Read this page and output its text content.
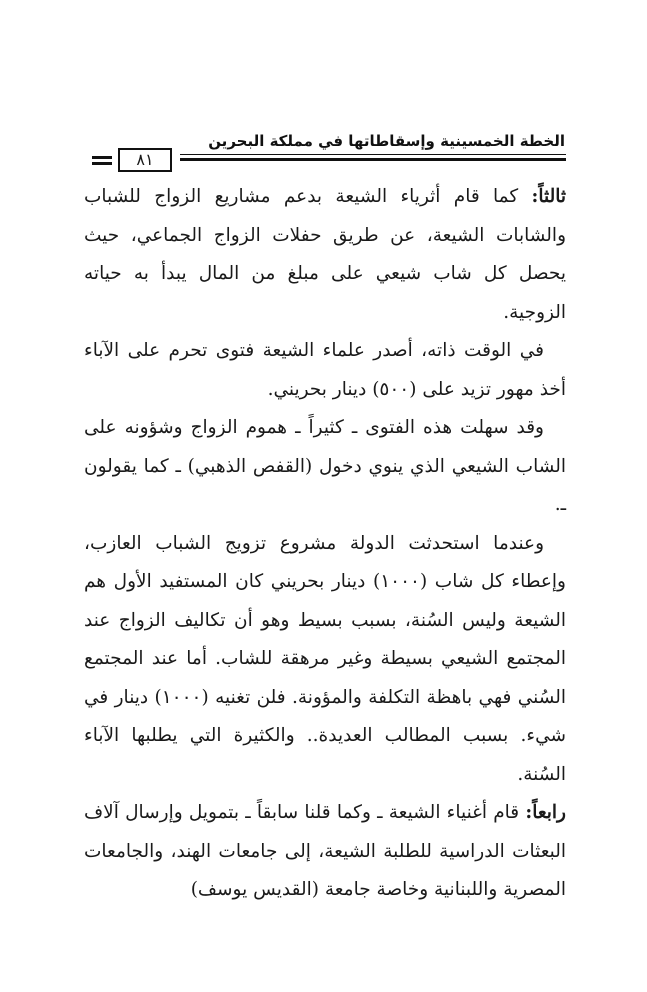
الخطة الخمسينية وإسقاطاتها في مملكة البحرين
٨١

ثالثاً: كما قام أثرياء الشيعة بدعم مشاريع الزواج للشباب والشابات الشيعة، عن طريق حفلات الزواج الجماعي، حيث يحصل كل شاب شيعي على مبلغ من المال يبدأ به حياته الزوجية.

في الوقت ذاته، أصدر علماء الشيعة فتوى تحرم على الآباء أخذ مهور تزيد على (٥٠٠) دينار بحريني.

وقد سهلت هذه الفتوى ـ كثيراً ـ هموم الزواج وشؤونه على الشاب الشيعي الذي ينوي دخول (القفص الذهبي) ـ كما يقولون ـ.

وعندما استحدثت الدولة مشروع تزويج الشباب العازب، وإعطاء كل شاب (١٠٠٠) دينار بحريني كان المستفيد الأول هم الشيعة وليس السُنة، بسبب بسيط وهو أن تكاليف الزواج عند المجتمع الشيعي بسيطة وغير مرهقة للشاب. أما عند المجتمع السُني فهي باهظة التكلفة والمؤونة. فلن تغنيه (١٠٠٠) دينار في شيء. بسبب المطالب العديدة.. والكثيرة التي يطلبها الآباء السُنة.

رابعاً: قام أغنياء الشيعة ـ وكما قلنا سابقاً ـ بتمويل وإرسال آلاف البعثات الدراسية للطلبة الشيعة، إلى جامعات الهند، والجامعات المصرية واللبنانية وخاصة جامعة (القديس يوسف)
